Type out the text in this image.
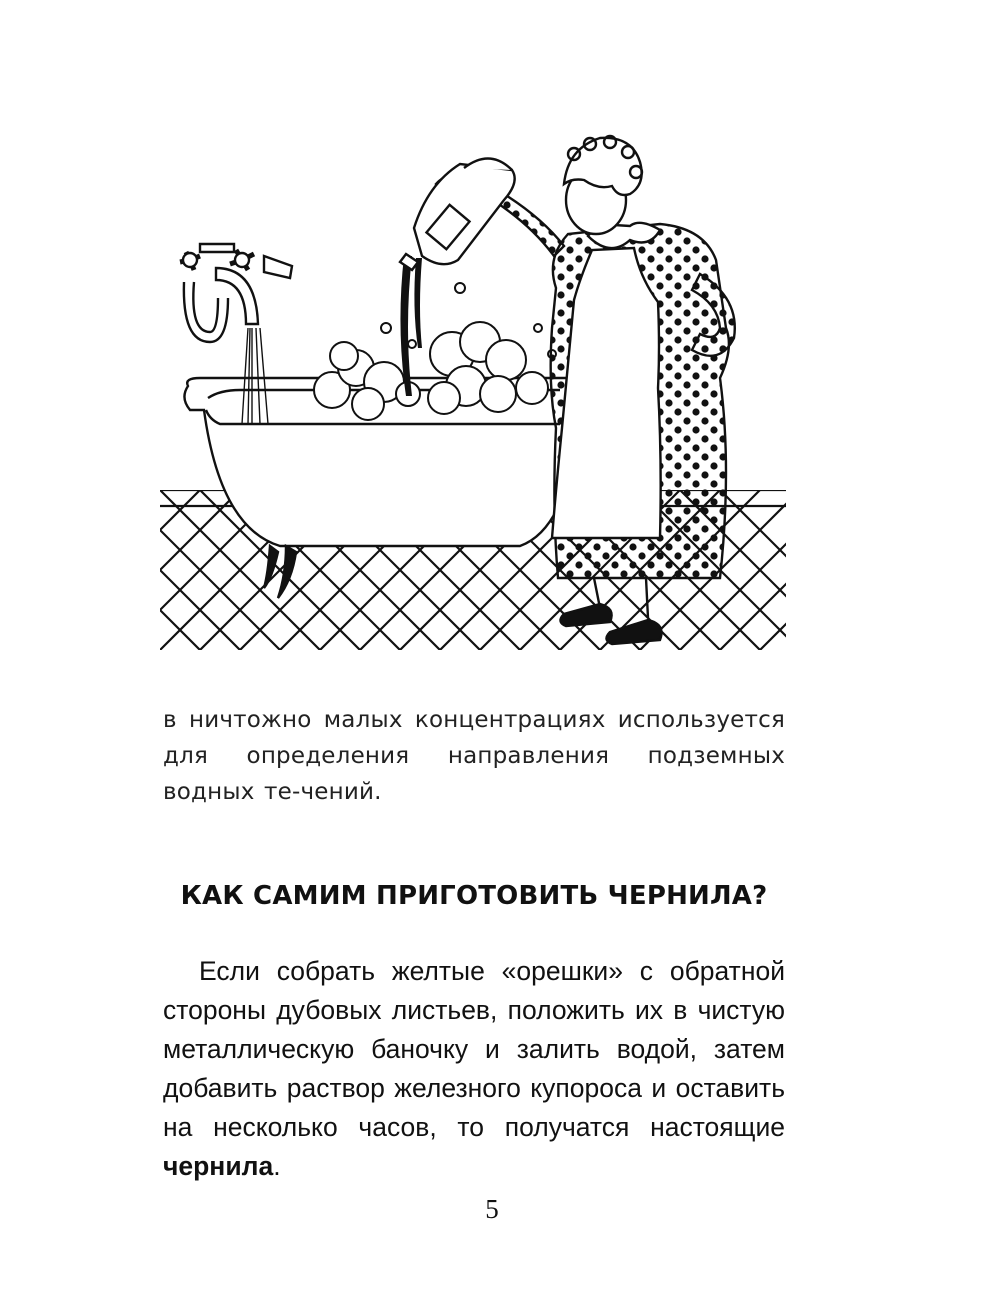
в ничтожно малых концентрациях используется для определения направления подземных водных те-чений.
КАК САМИМ ПРИГОТОВИТЬ ЧЕРНИЛА?
Если собрать желтые «орешки» с обратной стороны дубовых листьев, положить их в чистую металлическую баночку и залить водой, затем добавить раствор железного купороса и оставить на несколько часов, то получатся настоящие чернила.
5
